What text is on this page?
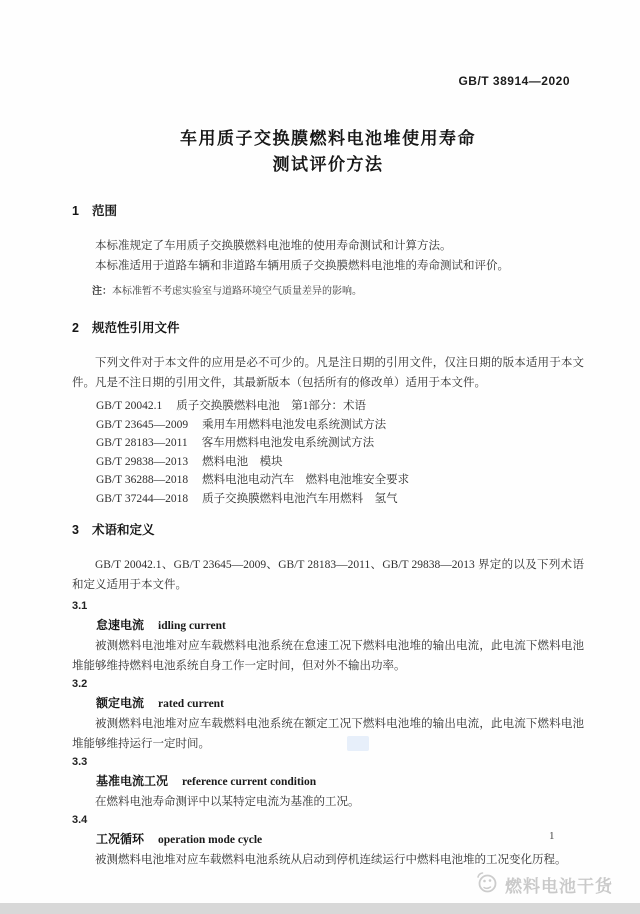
GB/T 38914—2020
车用质子交换膜燃料电池堆使用寿命
测试评价方法
1 范围

本标准规定了车用质子交换膜燃料电池堆的使用寿命测试和计算方法。

本标准适用于道路车辆和非道路车辆用质子交换膜燃料电池堆的寿命测试和评价。

注：本标准暂不考虑实验室与道路环境空气质量差异的影响。
2 规范性引用文件

下列文件对于本文件的应用是必不可少的。凡是注日期的引用文件，仅注日期的版本适用于本文件。凡是不注日期的引用文件，其最新版本（包括所有的修改单）适用于本文件。

GB/T 20042.1 质子交换膜燃料电池　第1部分：术语
GB/T 23645—2009 乘用车用燃料电池发电系统测试方法
GB/T 28183—2011 客车用燃料电池发电系统测试方法
GB/T 29838—2013 燃料电池　模块
GB/T 36288—2018 燃料电池电动汽车　燃料电池堆安全要求
GB/T 37244—2018 质子交换膜燃料电池汽车用燃料　氢气
3 术语和定义

GB/T 20042.1、GB/T 23645—2009、GB/T 28183—2011、GB/T 29838—2013 界定的以及下列术语和定义适用于本文件。

3.1
怠速电流 idling current

被测燃料电池堆对应车载燃料电池系统在怠速工况下燃料电池堆的输出电流，此电流下燃料电池堆能够维持燃料电池系统自身工作一定时间，但对外不输出功率。

3.2
额定电流 rated current

被测燃料电池堆对应车载燃料电池系统在额定工况下燃料电池堆的输出电流，此电流下燃料电池堆能够维持运行一定时间。

3.3
基准电流工况 reference current condition

在燃料电池寿命测评中以某特定电流为基准的工况。

3.4
工况循环 operation mode cycle

被测燃料电池堆对应车载燃料电池系统从启动到停机连续运行中燃料电池堆的工况变化历程。

1
燃料电池干货
